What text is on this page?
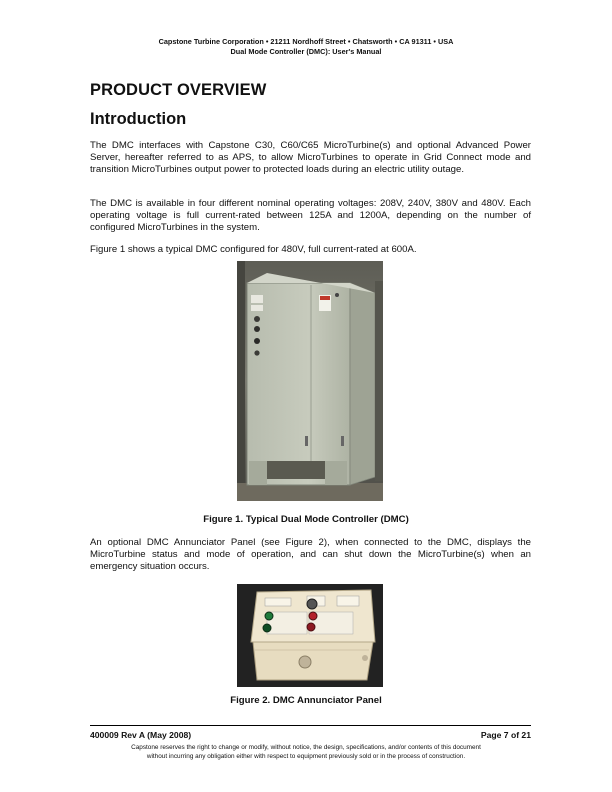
Capstone Turbine Corporation • 21211 Nordhoff Street • Chatsworth • CA 91311 • USA
Dual Mode Controller (DMC): User's Manual
PRODUCT OVERVIEW
Introduction

The DMC interfaces with Capstone C30, C60/C65 MicroTurbine(s) and optional Advanced Power Server, hereafter referred to as APS, to allow MicroTurbines to operate in Grid Connect mode and transition MicroTurbines output power to protected loads during an electric utility outage.

The DMC is available in four different nominal operating voltages: 208V, 240V, 380V and 480V. Each operating voltage is full current-rated between 125A and 1200A, depending on the number of configured MicroTurbines in the system.

Figure 1 shows a typical DMC configured for 480V, full current-rated at 600A.

Figure 1. Typical Dual Mode Controller (DMC)

An optional DMC Annunciator Panel (see Figure 2), when connected to the DMC, displays the MicroTurbine status and mode of operation, and can shut down the MicroTurbine(s) when an emergency situation occurs.

Figure 2. DMC Annunciator Panel
400009 Rev A (May 2008)	Page 7 of 21
Capstone reserves the right to change or modify, without notice, the design, specifications, and/or contents of this document
without incurring any obligation either with respect to equipment previously sold or in the process of construction.
